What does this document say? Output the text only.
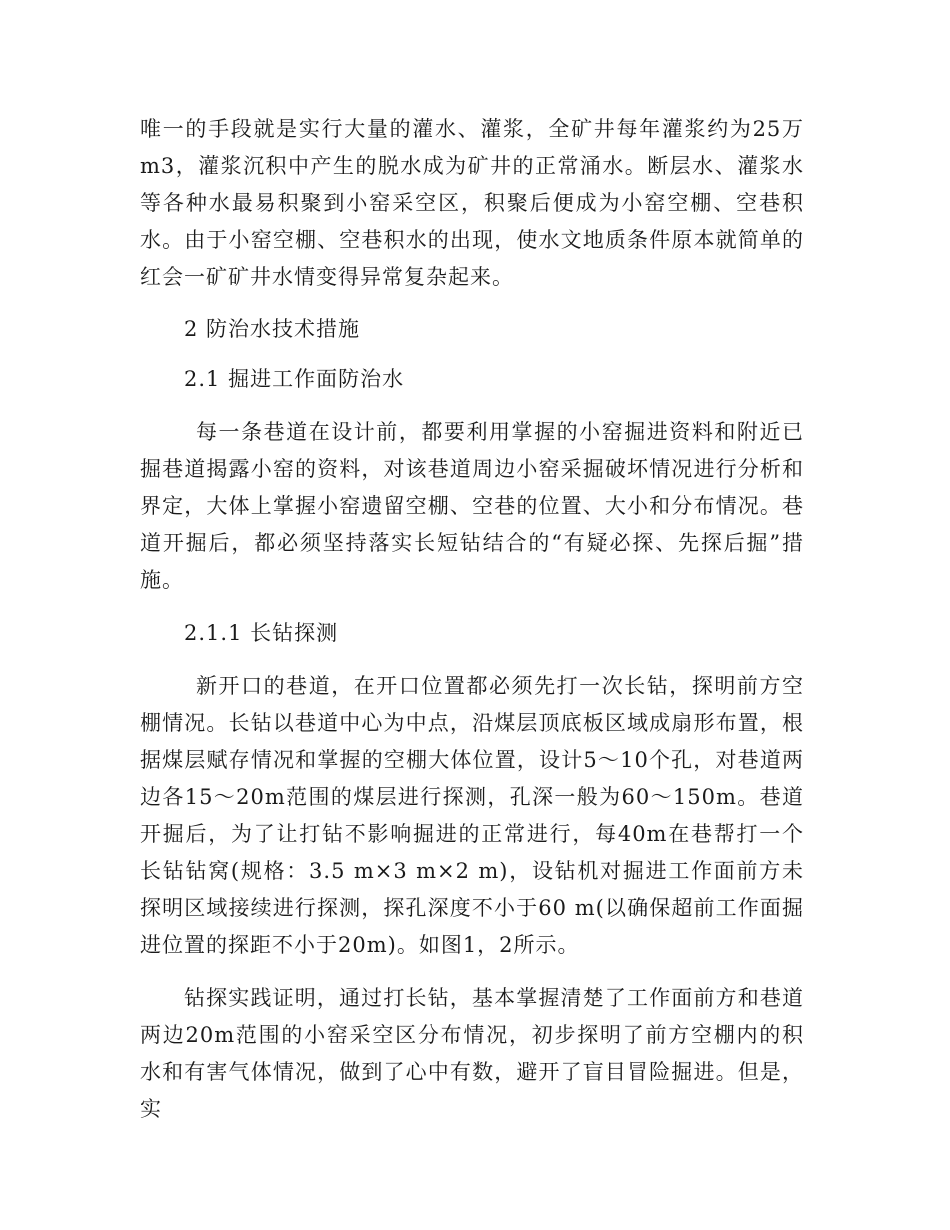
唯一的手段就是实行大量的灌水、灌浆，全矿井每年灌浆约为25万m3，灌浆沉积中产生的脱水成为矿井的正常涌水。断层水、灌浆水等各种水最易积聚到小窑采空区，积聚后便成为小窑空棚、空巷积水。由于小窑空棚、空巷积水的出现，使水文地质条件原本就简单的红会一矿矿井水情变得异常复杂起来。

2 防治水技术措施

2.1 掘进工作面防治水

每一条巷道在设计前，都要利用掌握的小窑掘进资料和附近已掘巷道揭露小窑的资料，对该巷道周边小窑采掘破坏情况进行分析和界定，大体上掌握小窑遗留空棚、空巷的位置、大小和分布情况。巷道开掘后，都必须坚持落实长短钻结合的“有疑必探、先探后掘”措施。

2.1.1 长钻探测

新开口的巷道，在开口位置都必须先打一次长钻，探明前方空棚情况。长钻以巷道中心为中点，沿煤层顶底板区域成扇形布置，根据煤层赋存情况和掌握的空棚大体位置，设计5～10个孔，对巷道两边各15～20m范围的煤层进行探测，孔深一般为60～150m。巷道开掘后，为了让打钻不影响掘进的正常进行，每40m在巷帮打一个长钻钻窝(规格：3.5 m×3 m×2 m)，设钻机对掘进工作面前方未探明区域接续进行探测，探孔深度不小于60 m(以确保超前工作面掘进位置的探距不小于20m)。如图1，2所示。

钻探实践证明，通过打长钻，基本掌握清楚了工作面前方和巷道两边20m范围的小窑采空区分布情况，初步探明了前方空棚内的积水和有害气体情况，做到了心中有数，避开了盲目冒险掘进。但是，实
